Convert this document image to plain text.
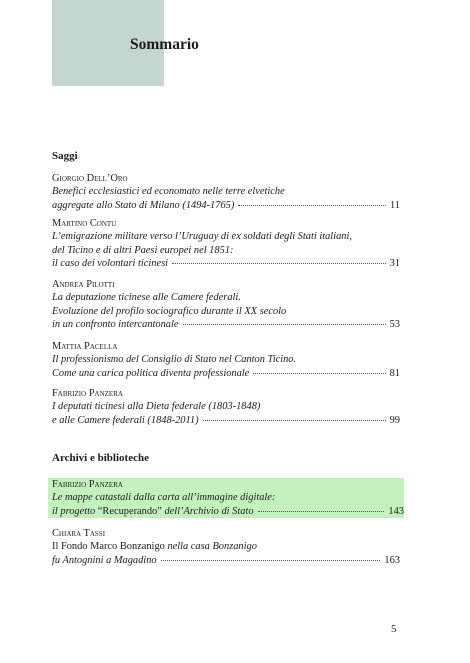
Sommario
Saggi
Giorgio Dell’Oro
Benefici ecclesiastici ed economato nelle terre elvetiche
aggregate allo Stato di Milano (1494-1765)	11
Martino Contu
L’emigrazione militare verso l’Uruguay di ex soldati degli Stati italiani,
del Ticino e di altri Paesi europei nel 1851:
il caso dei volontari ticinesi	31
Andrea Pilotti
La deputazione ticinese alle Camere federali.
Evoluzione del profilo sociografico durante il XX secolo
in un confronto intercantonale	53
Mattia Pacella
Il professionismo del Consiglio di Stato nel Canton Ticino.
Come una carica politica diventa professionale	81
Fabrizio Panzera
I deputati ticinesi alla Dieta federale (1803-1848)
e alle Camere federali (1848-2011)	99
Archivi e biblioteche
Fabrizio Panzera
Le mappe catastali dalla carta all’immagine digitale:
il progetto “Recuperando” dell’Archivio di Stato	143
Chiara Tassi
Il Fondo Marco Bonzanigo nella casa Bonzanigo
fu Antognini a Magadino	163
5
